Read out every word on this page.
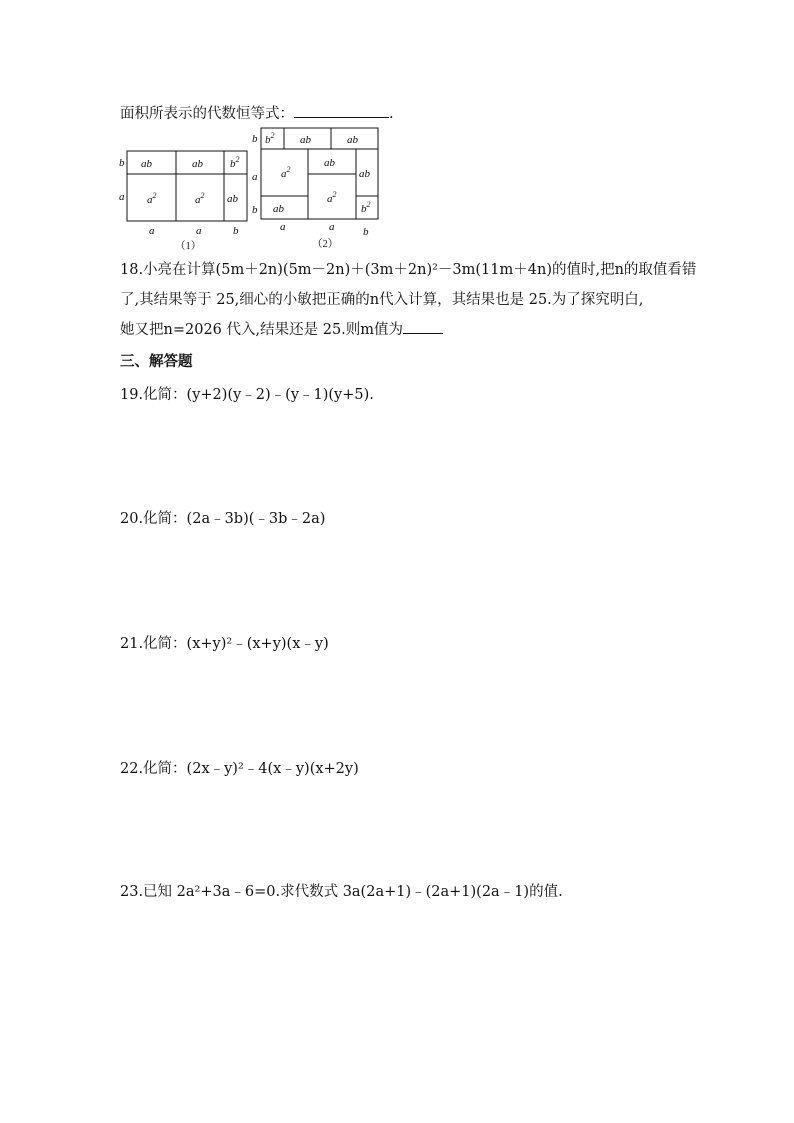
面积所表示的代数恒等式：	.
ab	ab $b^2$
$a^2$	$a^2$ ab
b
a
a	a	b
（1）
$b^2$ ab	ab
b
a
b
$a^2$
ab
$a^2$
ab
ab	$b^2$
a	a	b
（2）
18.小亮在计算(5m＋2n)(5m－2n)＋(3m＋2n)²－3m(11m＋4n)的值时,把n的取值看错
了,其结果等于 25,细心的小敏把正确的n代入计算，其结果也是 25.为了探究明白,
她又把n=2026 代入,结果还是 25.则m值为
三、解答题
19.化简：(y+2)(y﹣2)﹣(y﹣1)(y+5).
20.化简：(2a﹣3b)(﹣3b﹣2a)
21.化简：(x+y)²﹣(x+y)(x﹣y)
22.化简：(2x﹣y)²﹣4(x﹣y)(x+2y)
23.已知 2a²+3a﹣6=0.求代数式 3a(2a+1)﹣(2a+1)(2a﹣1)的值.
